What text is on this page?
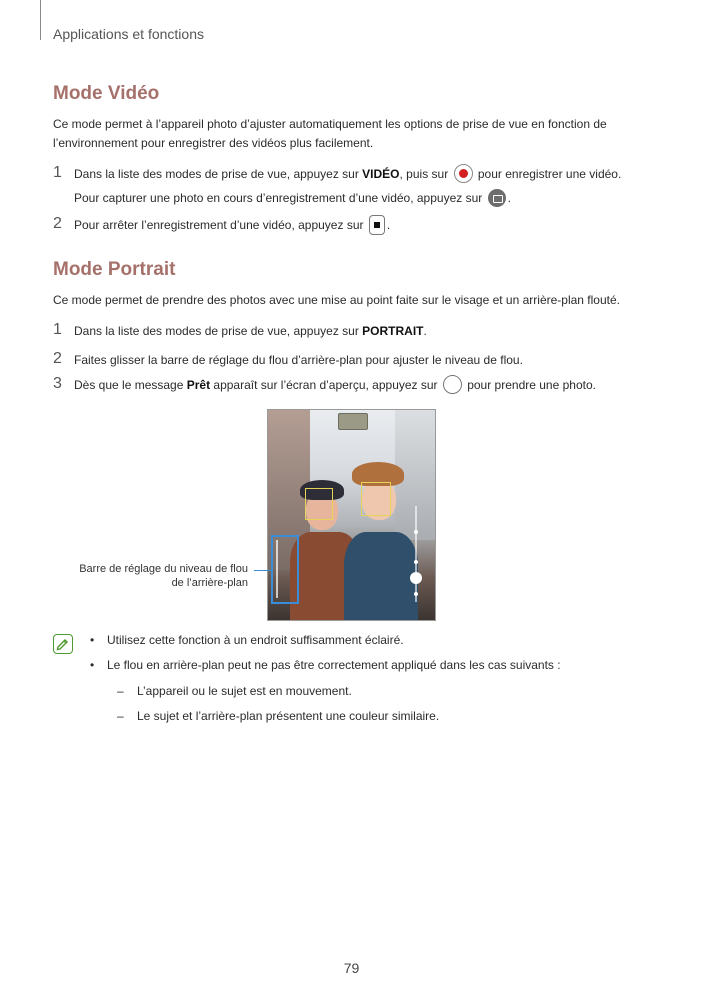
Applications et fonctions
Mode Vidéo
Ce mode permet à l’appareil photo d’ajuster automatiquement les options de prise de vue en fonction de l’environnement pour enregistrer des vidéos plus facilement.
1 Dans la liste des modes de prise de vue, appuyez sur VIDÉO, puis sur  pour enregistrer une vidéo.
Pour capturer une photo en cours d’enregistrement d’une vidéo, appuyez sur .
2 Pour arrêter l’enregistrement d’une vidéo, appuyez sur .
Mode Portrait
Ce mode permet de prendre des photos avec une mise au point faite sur le visage et un arrière-plan flouté.
1 Dans la liste des modes de prise de vue, appuyez sur PORTRAIT.
2 Faites glisser la barre de réglage du flou d’arrière-plan pour ajuster le niveau de flou.
3 Dès que le message Prêt apparaît sur l’écran d’aperçu, appuyez sur  pour prendre une photo.
Barre de réglage du niveau de flou
de l’arrière-plan
• Utilisez cette fonction à un endroit suffisamment éclairé.
• Le flou en arrière-plan peut ne pas être correctement appliqué dans les cas suivants :
– L’appareil ou le sujet est en mouvement.
– Le sujet et l’arrière-plan présentent une couleur similaire.
79
